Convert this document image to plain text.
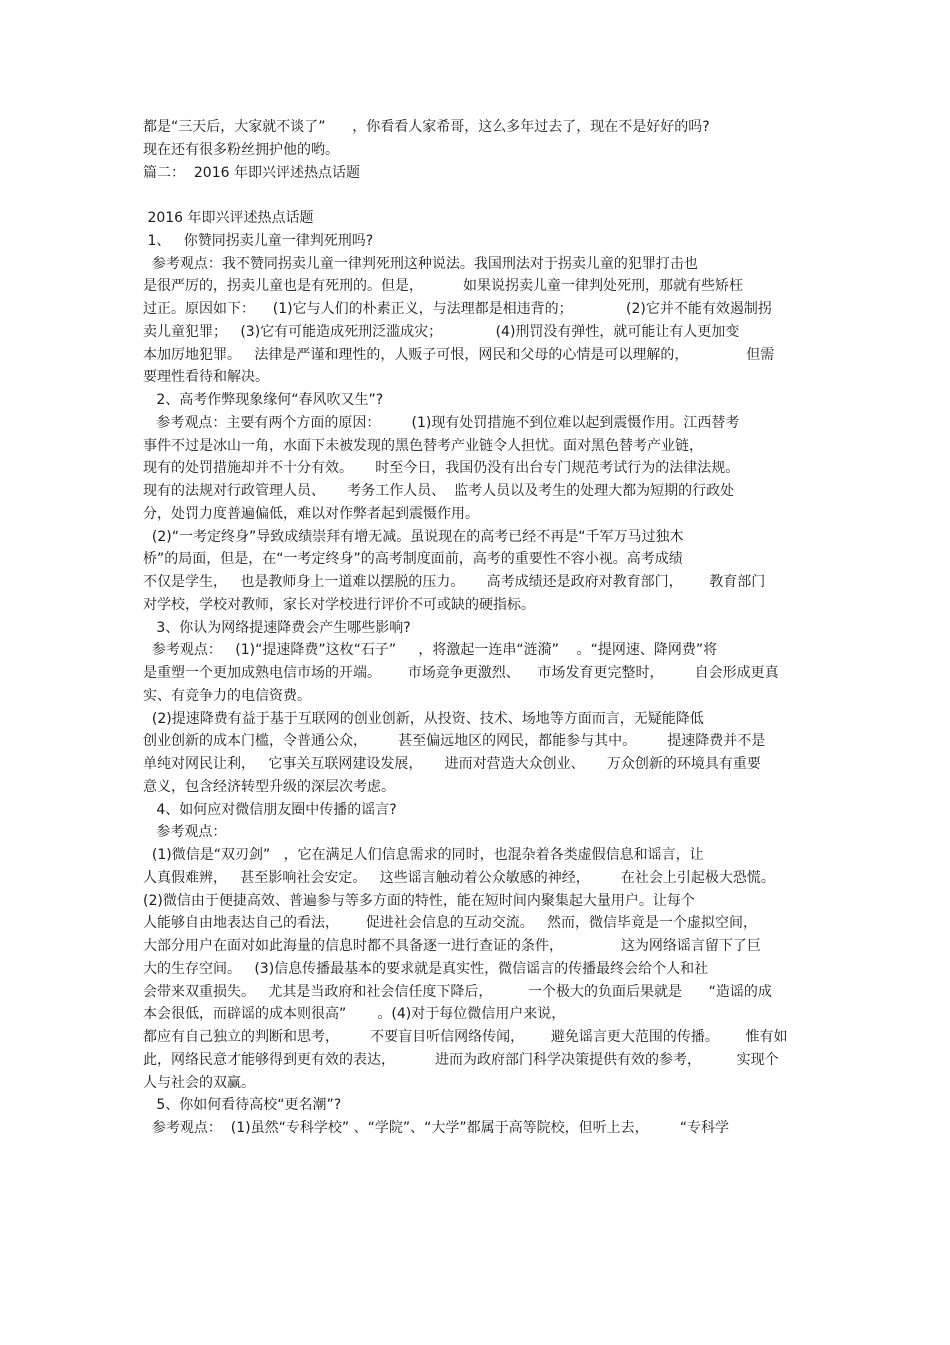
都是“三天后，大家就不谈了”      ，你看看人家希哥，这么多年过去了，现在不是好好的吗?
现在还有很多粉丝拥护他的哟。
篇二：  2016 年即兴评述热点话题
2016 年即兴评述热点话题
1、   你赞同拐卖儿童一律判死刑吗?
参考观点：我不赞同拐卖儿童一律判死刑这种说法。我国刑法对于拐卖儿童的犯罪打击也
是很严厉的，拐卖儿童也是有死刑的。但是，         如果说拐卖儿童一律判处死刑，那就有些矫枉
过正。原因如下：    (1)它与人们的朴素正义，与法理都是相违背的；            (2)它并不能有效遏制拐
卖儿童犯罪；   (3)它有可能造成死刑泛滥成灾；            (4)刑罚没有弹性，就可能让有人更加变
本加厉地犯罪。   法律是严谨和理性的，人贩子可恨，网民和父母的心情是可以理解的，             但需
要理性看待和解决。
2、高考作弊现象缘何“春风吹又生”?
参考观点：主要有两个方面的原因：       (1)现有处罚措施不到位难以起到震慑作用。江西替考
事件不过是冰山一角，水面下未被发现的黑色替考产业链令人担忧。面对黑色替考产业链，
现有的处罚措施却并不十分有效。     时至今日，我国仍没有出台专门规范考试行为的法律法规。
现有的法规对行政管理人员、     考务工作人员、  监考人员以及考生的处理大都为短期的行政处
分，处罚力度普遍偏低，难以对作弊者起到震慑作用。
(2)“一考定终身”导致成绩崇拜有增无减。虽说现在的高考已经不再是“千军万马过独木
桥”的局面，但是，在“一考定终身”的高考制度面前，高考的重要性不容小视。高考成绩
不仅是学生，   也是教师身上一道难以摆脱的压力。     高考成绩还是政府对教育部门，      教育部门
对学校，学校对教师，家长对学校进行评价不可或缺的硬指标。
3、你认为网络提速降费会产生哪些影响?
参考观点：   (1)“提速降费”这枚“石子”     ，将激起一连串“涟漪”    。“提网速、降网费”将
是重塑一个更加成熟电信市场的开端。      市场竞争更激烈、    市场发育更完整时，       自会形成更真
实、有竞争力的电信资费。
(2)提速降费有益于基于互联网的创业创新，从投资、技术、场地等方面而言，无疑能降低
创业创新的成本门槛，令普通公众，       甚至偏远地区的网民，都能参与其中。       提速降费并不是
单纯对网民让利，   它事关互联网建设发展，     进而对营造大众创业、     万众创新的环境具有重要
意义，包含经济转型升级的深层次考虑。
4、如何应对微信朋友圈中传播的谣言?
参考观点：
(1)微信是“双刃剑”   ，它在满足人们信息需求的同时，也混杂着各类虚假信息和谣言，让
人真假难辨，   甚至影响社会安定。   这些谣言触动着公众敏感的神经，       在社会上引起极大恐慌。
(2)微信由于便捷高效、普遍参与等多方面的特性，能在短时间内聚集起大量用户。让每个
人能够自由地表达自己的看法，      促进社会信息的互动交流。   然而，微信毕竟是一个虚拟空间，
大部分用户在面对如此海量的信息时都不具备逐一进行查证的条件，             这为网络谣言留下了巨
大的生存空间。   (3)信息传播最基本的要求就是真实性，微信谣言的传播最终会给个人和社
会带来双重损失。   尤其是当政府和社会信任度下降后，        一个极大的负面后果就是      “造谣的成
本会很低，而辟谣的成本则很高”       。(4)对于每位微信用户来说，
都应有自己独立的判断和思考，       不要盲目听信网络传闻，      避免谣言更大范围的传播。      惟有如
此，网络民意才能够得到更有效的表达，         进而为政府部门科学决策提供有效的参考，        实现个
人与社会的双赢。
5、你如何看待高校“更名潮”?
参考观点：  (1)虽然“专科学校” 、“学院”、“大学”都属于高等院校，但听上去，       “专科学
